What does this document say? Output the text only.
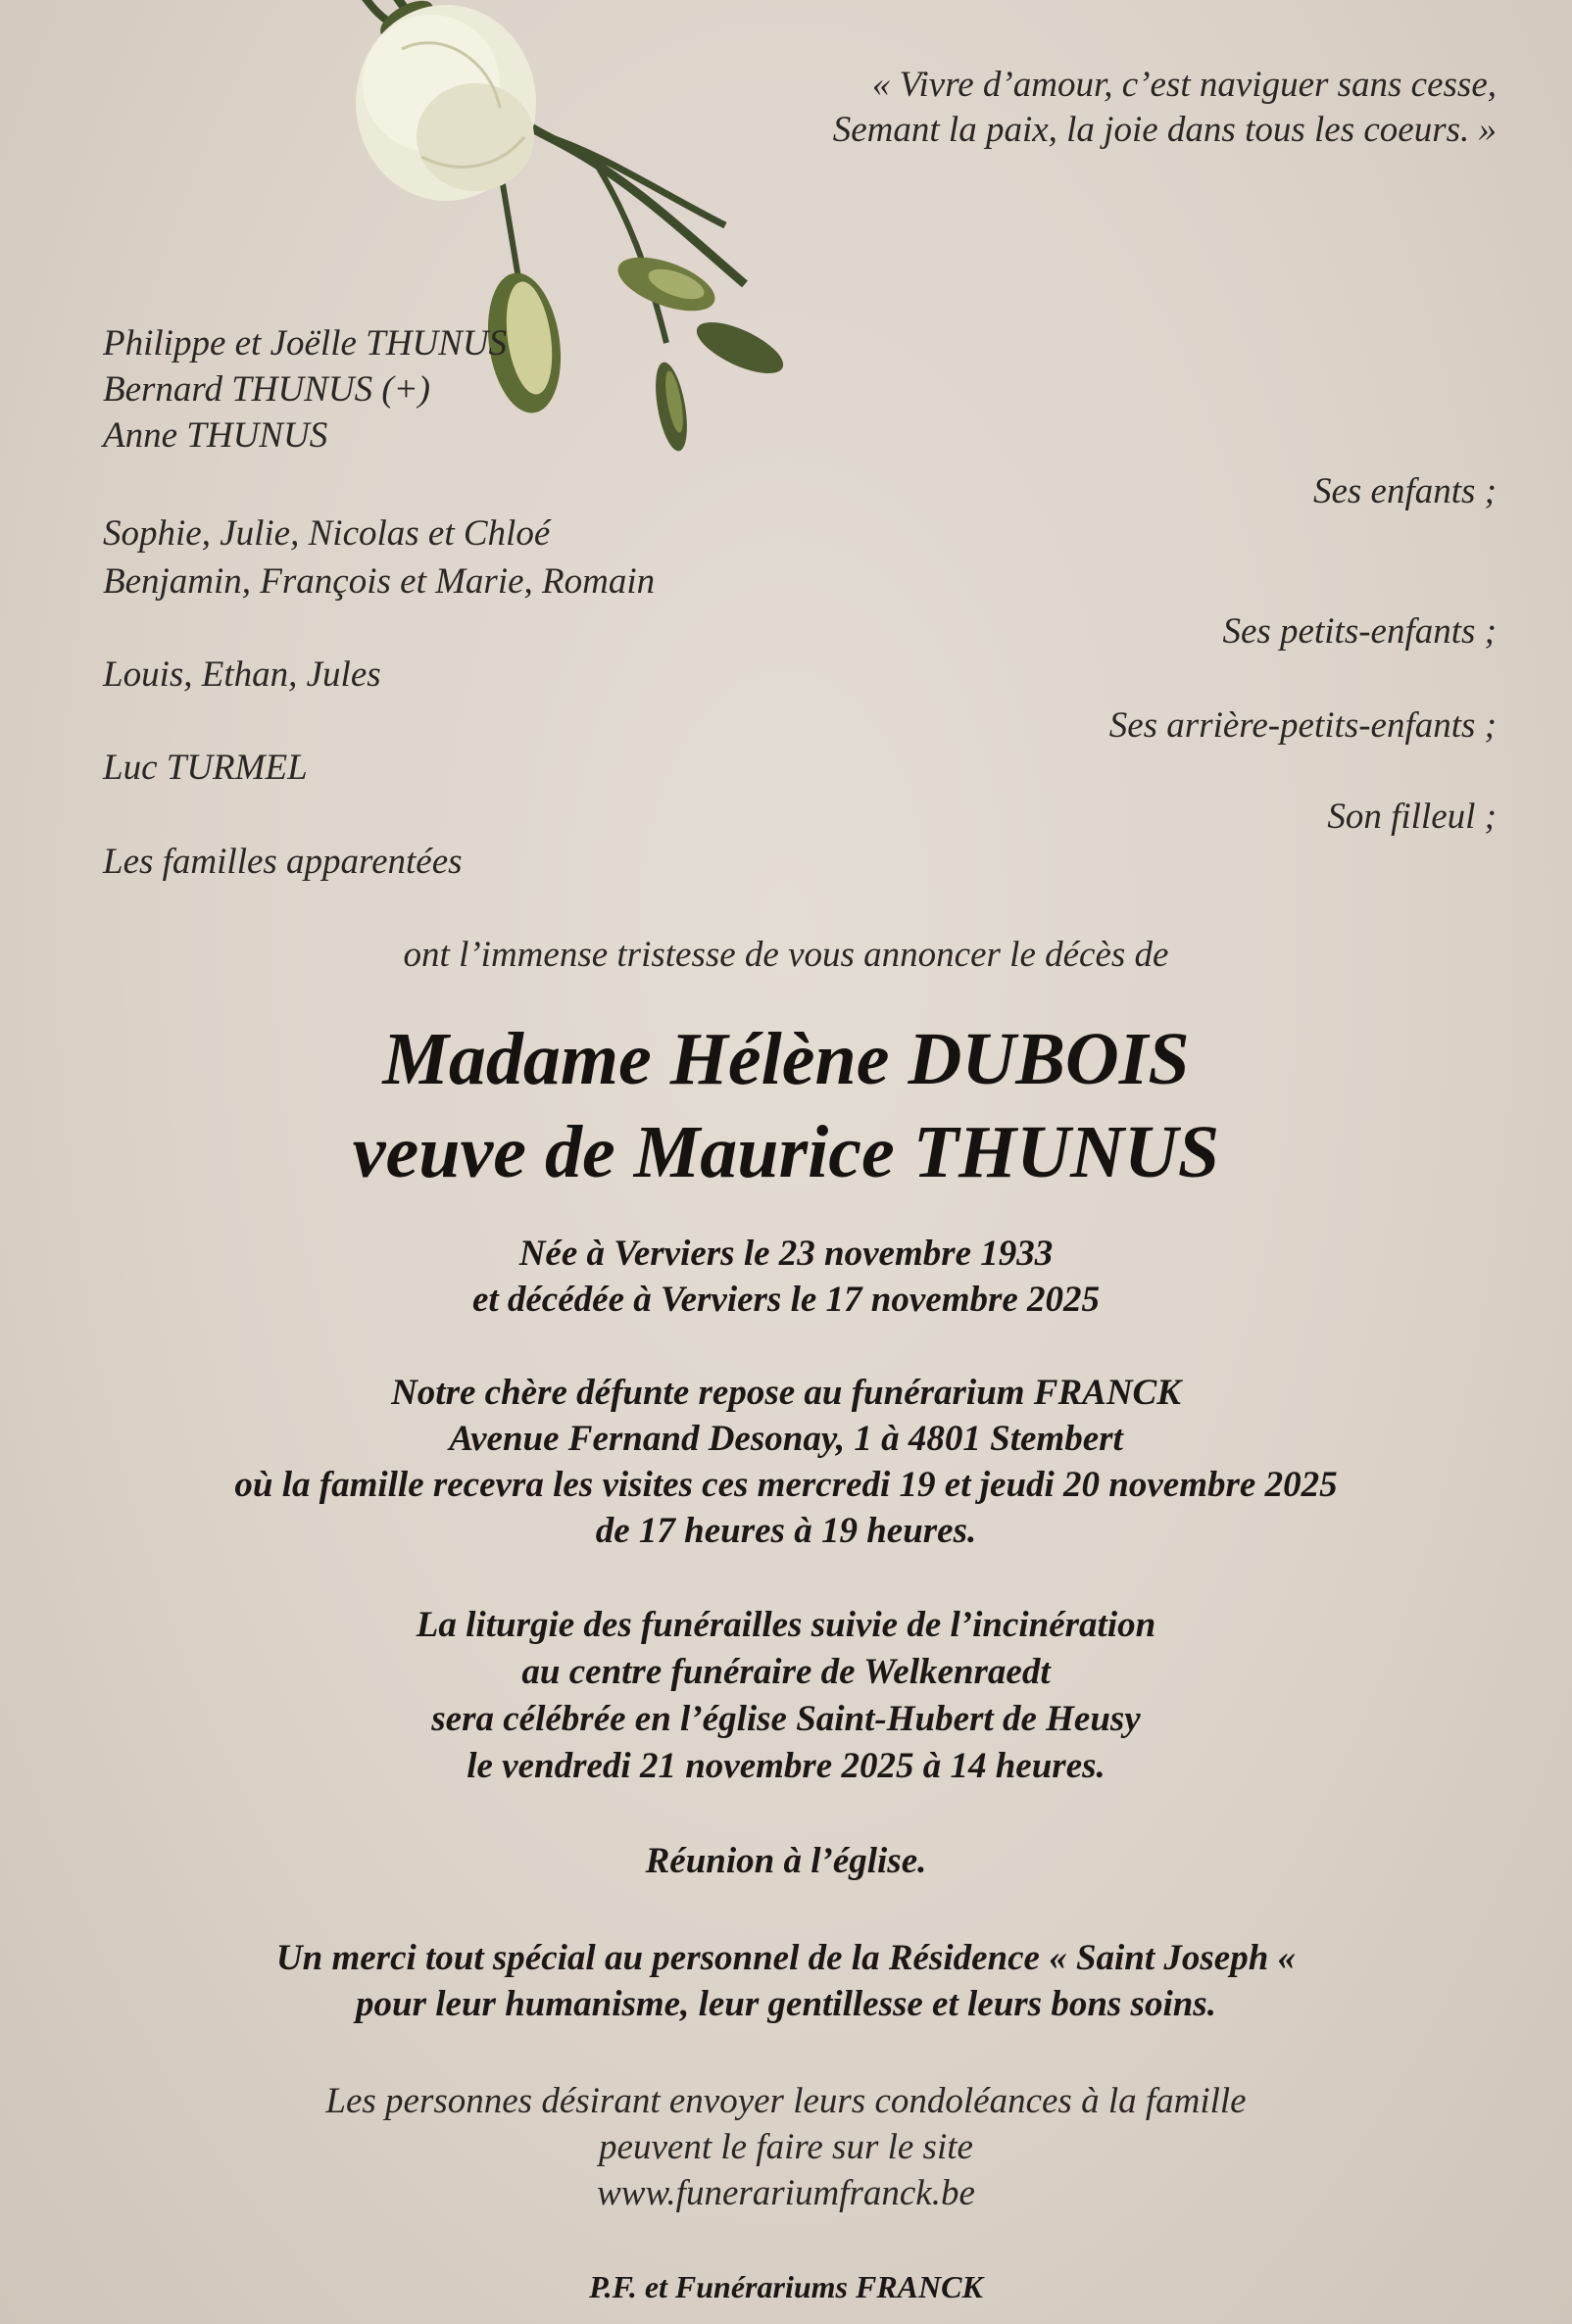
« Vivre d’amour, c’est naviguer sans cesse,
Semant la paix, la joie dans tous les coeurs. »
Philippe et Joëlle THUNUS
Bernard THUNUS (+)
Anne THUNUS
Ses enfants ;
Sophie, Julie, Nicolas et Chloé
Benjamin, François et Marie, Romain
Ses petits-enfants ;
Louis, Ethan, Jules
Ses arrière-petits-enfants ;
Luc TURMEL
Son filleul ;
Les familles apparentées
ont l’immense tristesse de vous annoncer le décès de
Madame Hélène DUBOIS
veuve de Maurice THUNUS
Née à Verviers le 23 novembre 1933
et décédée à Verviers le 17 novembre 2025
Notre chère défunte repose au funérarium FRANCK
Avenue Fernand Desonay, 1 à 4801 Stembert
où la famille recevra les visites ces mercredi 19 et jeudi 20 novembre 2025
de 17 heures à 19 heures.
La liturgie des funérailles suivie de l’incinération
au centre funéraire de Welkenraedt
sera célébrée en l’église Saint-Hubert de Heusy
le vendredi 21 novembre 2025 à 14 heures.
Réunion à l’église.
Un merci tout spécial au personnel de la Résidence « Saint Joseph «
pour leur humanisme, leur gentillesse et leurs bons soins.
Les personnes désirant envoyer leurs condoléances à la famille
peuvent le faire sur le site
www.funerariumfranck.be
P.F. et Funérariums FRANCK
